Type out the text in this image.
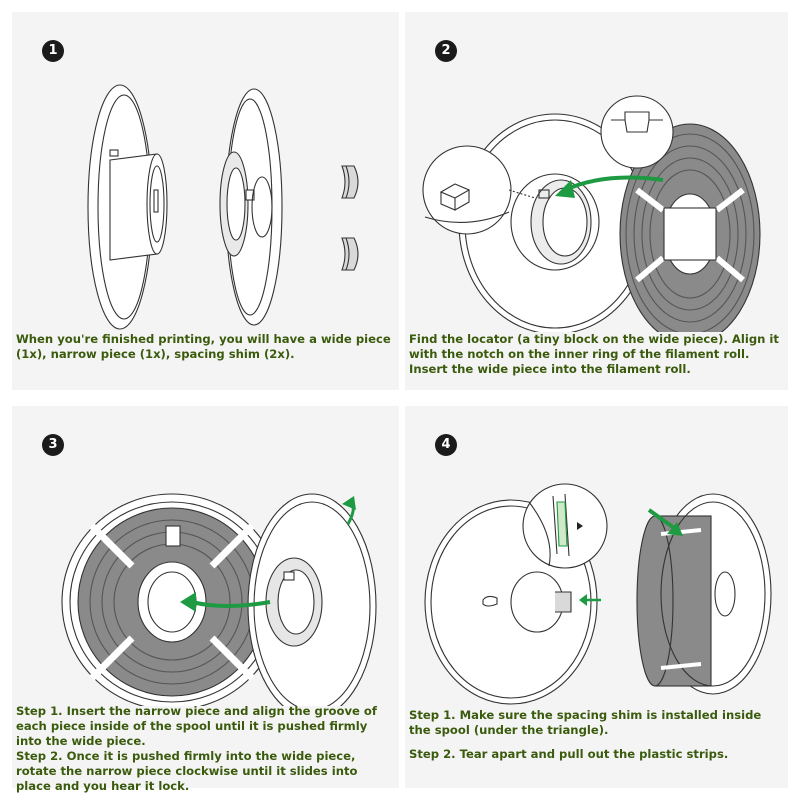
1
When you're finished printing, you will have a wide piece (1x), narrow piece (1x), spacing shim (2x).
2
Find the locator (a tiny block on the wide piece). Align it with the notch on the inner ring of the filament roll. Insert the wide piece into the filament roll.
3

Step 1. Insert the narrow piece and align the groove of each piece inside of the spool until it is pushed firmly into the wide piece.

Step 2. Once it is pushed firmly into the wide piece, rotate the narrow piece clockwise until it slides into place and you hear it lock.

4

Step 1. Make sure the spacing shim is installed inside the spool (under the triangle).

Step 2. Tear apart and pull out the plastic strips.
